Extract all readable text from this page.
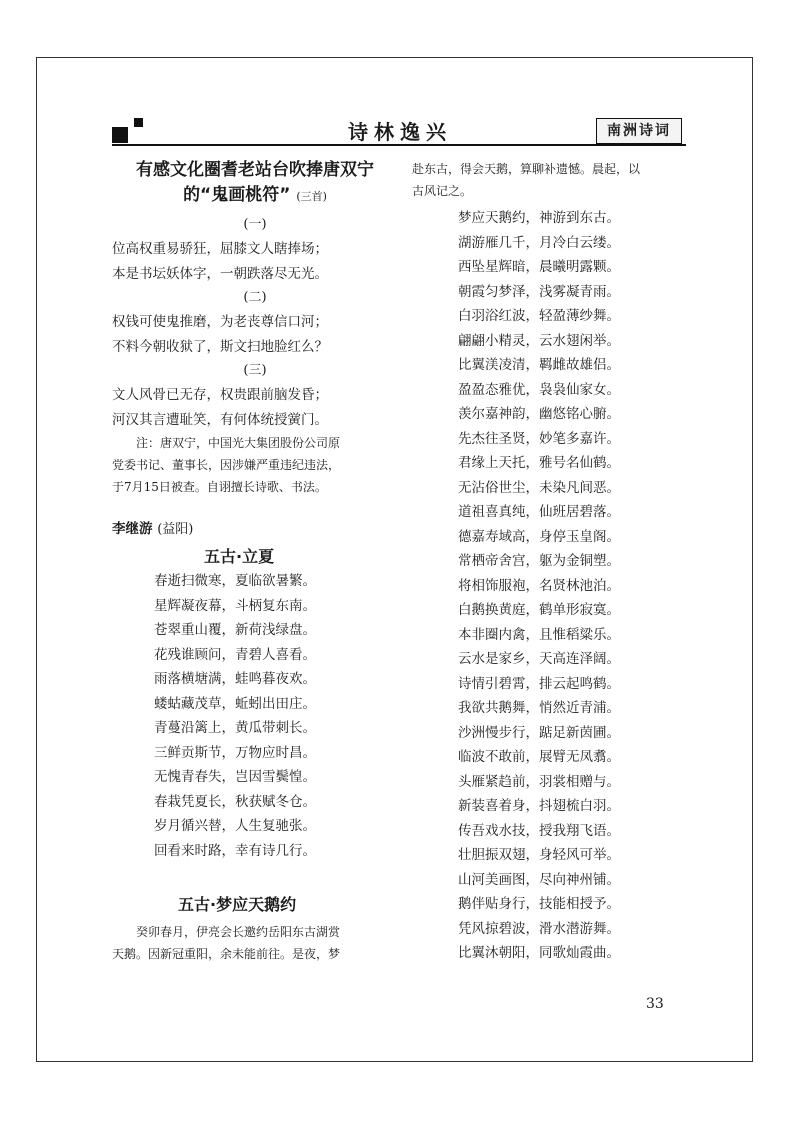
诗林逸兴	南洲诗词
有感文化圈耆老站台吹捧唐双宁
的“鬼画桃符” (三首)
(一)
位高权重易骄狂，屈膝文人瞎捧场；
本是书坛妖体字，一朝跌落尽无光。
(二)
权钱可使鬼推磨，为老丧尊信口河；
不料今朝收狱了，斯文扫地脸红么？
(三)
文人风骨已无存，权贵跟前脑发昏；
河汉其言遭耻笑，有何体统授黉门。
注：唐双宁，中国光大集团股份公司原
党委书记、董事长，因涉嫌严重违纪违法，
于7月15日被查。自诩擅长诗歌、书法。
李继游 (益阳)
五古·立夏
春逝扫微寒，夏临欲暑繁。
星辉凝夜幕，斗柄复东南。
苍翠重山覆，新荷浅绿盘。
花残谁顾问，青碧人喜看。
雨落横塘满，蛙鸣暮夜欢。
蝼蛄藏茂草，蚯蚓出田庄。
青蔓沿篱上，黄瓜带刺长。
三鲜贡斯节，万物应时昌。
无愧青春失，岂因雪鬓惶。
春栽凭夏长，秋获赋冬仓。
岁月循兴替，人生复驰张。
回看来时路，幸有诗几行。
五古·梦应天鹅约
癸卯春月，伊亮会长邀约岳阳东古湖赏
天鹅。因新冠重阳，余未能前往。是夜，梦
赴东古，得会天鹅，算聊补遗憾。晨起，以
古风记之。
梦应天鹅约，神游到东古。
湖游雁几千，月冷白云缕。
西坠星辉暗，晨曦明露颗。
朝霞匀梦泽，浅雾凝青雨。
白羽浴红波，轻盈薄纱舞。
翩翩小精灵，云水翅闲举。
比翼渼凌清，羁雌故雄侣。
盈盈态雅优，袅袅仙家女。
羡尔嘉神韵，幽悠铭心腑。
先杰往圣贤，妙笔多嘉许。
君缘上天托，雅号名仙鹤。
无沾俗世尘，未染凡间恶。
道祖喜真纯，仙班居碧落。
德嘉寿域高，身停玉皇阁。
常栖帝舍宫，躯为金铜塑。
将相饰服袍，名贤林池泊。
白鹅换黄庭，鹤单形寂寞。
本非圈内禽，且惟稻粱乐。
云水是家乡，天高连泽阔。
诗情引碧霄，排云起鸣鹤。
我欲共鹅舞，悄然近青浦。
沙洲慢步行，踮足新茵圃。
临波不敢前，展臂无凤翥。
头雁紧趋前，羽裳相赠与。
新装喜着身，抖翅梳白羽。
传吾戏水技，授我翔飞语。
壮胆振双翅，身轻风可举。
山河美画图，尽向神州铺。
鹅伴贴身行，技能相授予。
凭风掠碧波，滑水潜游舞。
比翼沐朝阳，同歌灿霞曲。
33
